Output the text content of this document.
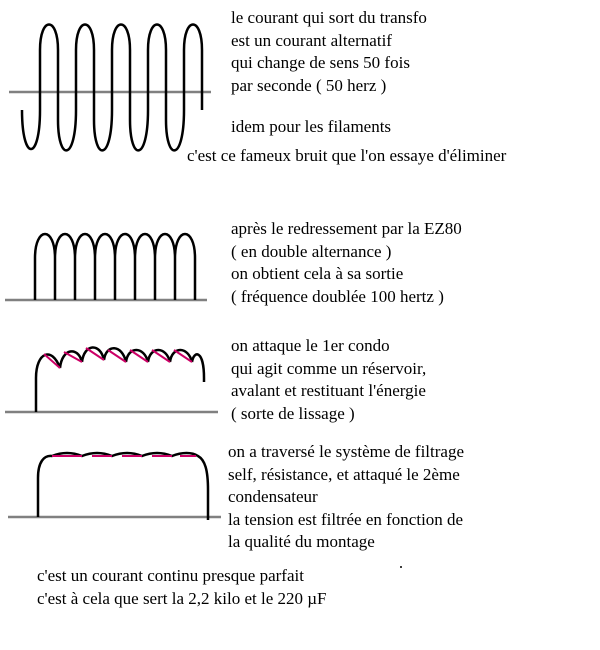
le courant qui sort du transfo
est un courant alternatif
qui change de sens 50 fois
par seconde ( 50 herz )
idem pour les filaments
c'est ce fameux bruit que l'on essaye d'éliminer
après le redressement par la EZ80
( en double alternance )
on obtient cela à sa sortie
( fréquence doublée 100 hertz )
on attaque le 1er condo
qui agit comme un réservoir,
avalant et restituant l'énergie
( sorte de lissage )
on a traversé le système de filtrage
self, résistance, et attaqué le 2ème
condensateur
la tension est filtrée en fonction de
la qualité du montage
c'est un courant continu presque parfait
c'est à cela que sert la 2,2 kilo et le 220 µF
